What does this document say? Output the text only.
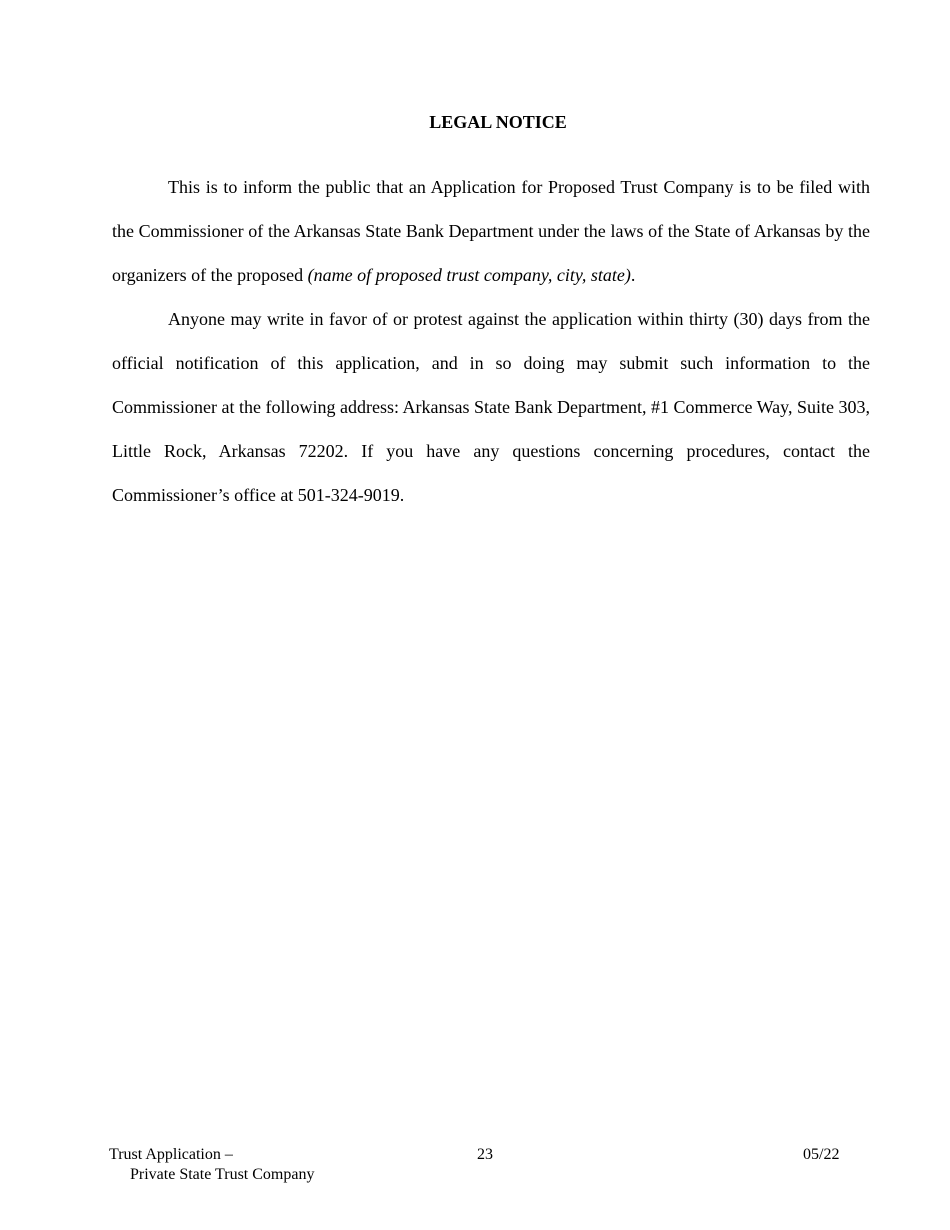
LEGAL NOTICE

This is to inform the public that an Application for Proposed Trust Company is to be filed with the Commissioner of the Arkansas State Bank Department under the laws of the State of Arkansas by the organizers of the proposed (name of proposed trust company, city, state).

Anyone may write in favor of or protest against the application within thirty (30) days from the official notification of this application, and in so doing may submit such information to the Commissioner at the following address: Arkansas State Bank Department, #1 Commerce Way, Suite 303, Little Rock, Arkansas 72202. If you have any questions concerning procedures, contact the Commissioner’s office at 501-324-9019.

Trust Application –
Private State Trust Company
23	05/22
